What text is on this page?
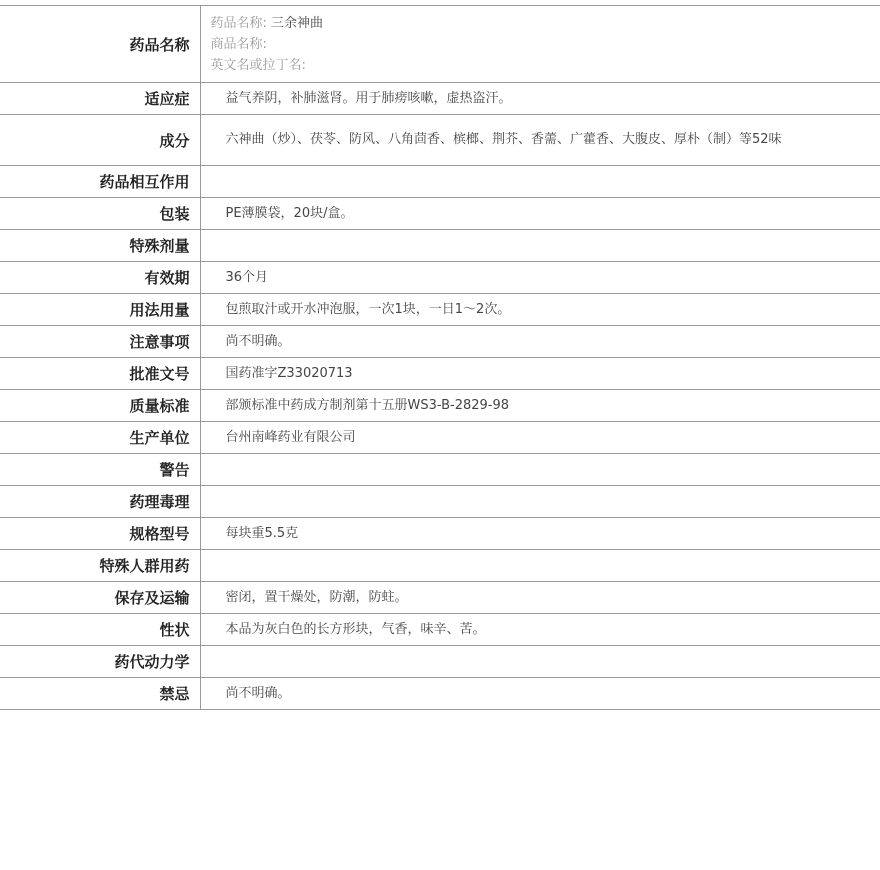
药品名称	药品名称: 三余神曲
商品名称:
英文名或拉丁名:

适应症	益气养阴，补肺滋肾。用于肺痨咳嗽，虚热盗汗。
成分	六神曲（炒）、茯苓、防风、八角茴香、槟榔、荆芥、香薷、广藿香、大腹皮、厚朴（制）等52味
药品相互作用	
包装	PE薄膜袋，20块/盒。
特殊剂量	
有效期	36个月
用法用量	包煎取汁或开水冲泡服，一次1块，一日1～2次。
注意事项	尚不明确。
批准文号	国药准字Z33020713
质量标准	部颁标准中药成方制剂第十五册WS3-B-2829-98
生产单位	台州南峰药业有限公司
警告	
药理毒理	
规格型号	每块重5.5克
特殊人群用药	
保存及运输	密闭，置干燥处，防潮，防蛀。
性状	本品为灰白色的长方形块，气香，味辛、苦。
药代动力学	
禁忌	尚不明确。
